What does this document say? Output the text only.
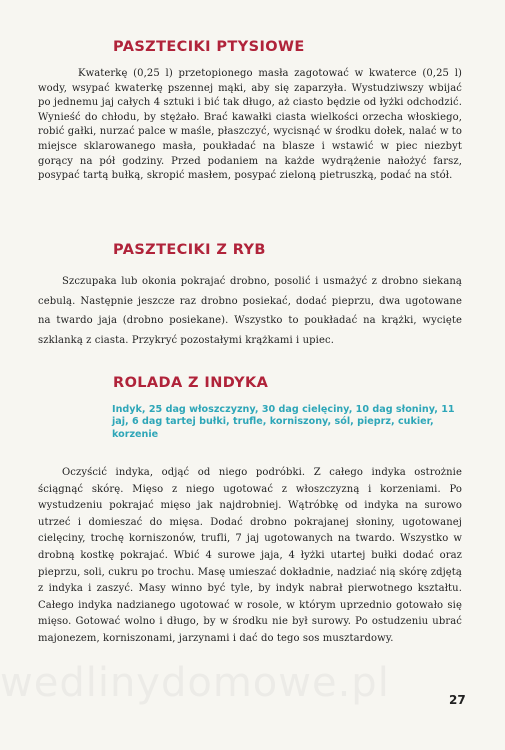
PASZTECIKI PTYSIOWE

Kwaterkę (0,25 l) przetopionego masła zagotować w kwaterce (0,25 l) wody, wsypać kwaterkę pszennej mąki, aby się zaparzyła. Wystudziwszy wbijać po jednemu jaj całych 4 sztuki i bić tak długo, aż ciasto będzie od łyżki odchodzić. Wynieść do chłodu, by stężało. Brać kawałki ciasta wielkości orzecha włoskiego, robić gałki, nurzać palce w maśle, płaszczyć, wycisnąć w środku dołek, nalać w to miejsce sklarowanego masła, poukładać na blasze i wstawić w piec niezbyt gorący na pół godziny. Przed podaniem na każde wydrążenie nałożyć farsz, posypać tartą bułką, skropić masłem, posypać zieloną pietruszką, podać na stół.

PASZTECIKI Z RYB

Szczupaka lub okonia pokrajać drobno, posolić i usmażyć z drobno siekaną cebulą. Następnie jeszcze raz drobno posiekać, dodać pieprzu, dwa ugotowane na twardo jaja (drobno posiekane). Wszystko to poukładać na krążki, wycięte szklanką z ciasta. Przykryć pozostałymi krążkami i upiec.

ROLADA Z INDYKA

Indyk, 25 dag włoszczyzny, 30 dag cielęciny, 10 dag słoniny, 11 jaj, 6 dag tartej bułki, trufle, korniszony, sól, pieprz, cukier, korzenie

Oczyścić indyka, odjąć od niego podróbki. Z całego indyka ostrożnie ściągnąć skórę. Mięso z niego ugotować z włoszczyzną i korzeniami. Po wystudzeniu pokrajać mięso jak najdrobniej. Wątróbkę od indyka na surowo utrzeć i domieszać do mięsa. Dodać drobno pokrajanej słoniny, ugotowanej cielęciny, trochę korniszonów, trufli, 7 jaj ugotowanych na twardo. Wszystko w drobną kostkę pokrajać. Wbić 4 surowe jaja, 4 łyżki utartej bułki dodać oraz pieprzu, soli, cukru po trochu. Masę umieszać dokładnie, nadziać nią skórę zdjętą z indyka i zaszyć. Masy winno być tyle, by indyk nabrał pierwotnego kształtu. Całego indyka nadzianego ugotować w rosole, w którym uprzednio gotowało się mięso. Gotować wolno i długo, by w środku nie był surowy. Po ostudzeniu ubrać majonezem, korniszonami, jarzynami i dać do tego sos musztardowy.

wedlinydomowe.pl	27
